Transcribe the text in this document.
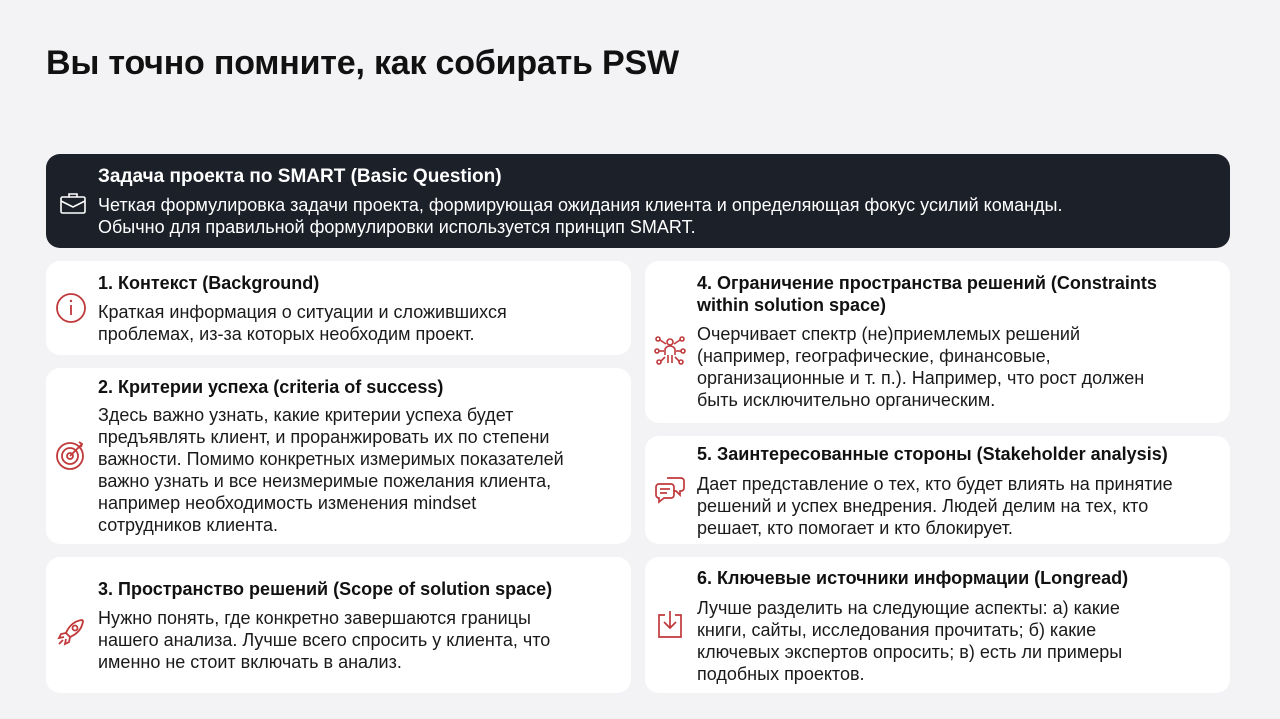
Вы точно помните, как собирать PSW
Задача проекта по SMART (Basic Question)
Четкая формулировка задачи проекта, формирующая ожидания клиента и определяющая фокус усилий команды.
Обычно для правильной формулировки используется принцип SMART.
1. Контекст (Background)
Краткая информация о ситуации и сложившихся
проблемах, из-за которых необходим проект.
2. Критерии успеха (criteria of success)
Здесь важно узнать, какие критерии успеха будет
предъявлять клиент, и проранжировать их по степени
важности. Помимо конкретных измеримых показателей
важно узнать и все неизмеримые пожелания клиента,
например необходимость изменения mindset
сотрудников клиента.
3. Пространство решений (Scope of solution space)
Нужно понять, где конкретно завершаются границы
нашего анализа. Лучше всего спросить у клиента, что
именно не стоит включать в анализ.
4. Ограничение пространства решений (Constraints
within solution space)
Очерчивает спектр (не)приемлемых решений
(например, географические, финансовые,
организационные и т. п.). Например, что рост должен
быть исключительно органическим.
5. Заинтересованные стороны (Stakeholder analysis)
Дает представление о тех, кто будет влиять на принятие
решений и успех внедрения. Людей делим на тех, кто
решает, кто помогает и кто блокирует.
6. Ключевые источники информации (Longread)
Лучше разделить на следующие аспекты: а) какие
книги, сайты, исследования прочитать; б) какие
ключевых экспертов опросить; в) есть ли примеры
подобных проектов.
